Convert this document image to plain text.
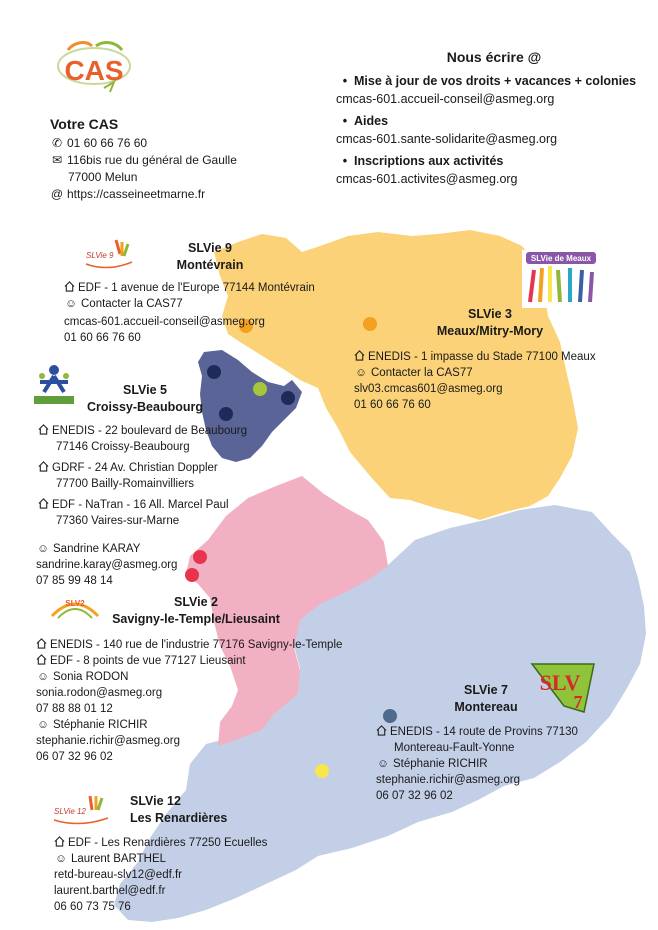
CAS
Votre CAS
✆ 01 60 66 76 60
✉ 116bis rue du général de Gaulle
77000 Melun
@ https://casseineetmarne.fr
Nous écrire @
• Mise à jour de vos droits + vacances + colonies
cmcas-601.accueil-conseil@asmeg.org
• Aides
cmcas-601.sante-solidarite@asmeg.org
• Inscriptions aux activités
cmcas-601.activites@asmeg.org
SLVie 9
SLVie 9
Montévrain
EDF - 1 avenue de l'Europe 77144 Montévrain
☺ Contacter la CAS77
cmcas-601.accueil-conseil@asmeg.org
01 60 66 76 60
SLVie de Meaux
SLVie 3
Meaux/Mitry-Mory
ENEDIS - 1 impasse du Stade 77100 Meaux
☺ Contacter la CAS77
slv03.cmcas601@asmeg.org
01 60 66 76 60
SLVie 5
Croissy-Beaubourg
ENEDIS - 22 boulevard de Beaubourg
77146 Croissy-Beaubourg
GDRF - 24 Av. Christian Doppler
77700 Bailly-Romainvilliers
EDF - NaTran - 16 All. Marcel Paul
77360 Vaires-sur-Marne
☺ Sandrine KARAY
sandrine.karay@asmeg.org
07 85 99 48 14
SLV2	SLVie 2
Savigny-le-Temple/Lieusaint
ENEDIS - 140 rue de l'industrie 77176 Savigny-le-Temple
EDF - 8 points de vue 77127 Lieusaint
☺ Sonia RODON
sonia.rodon@asmeg.org
07 88 88 01 12
☺ Stéphanie RICHIR
stephanie.richir@asmeg.org
06 07 32 96 02
SLV
7
SLVie 7
Montereau
ENEDIS - 14 route de Provins 77130
Montereau-Fault-Yonne
☺ Stéphanie RICHIR
stephanie.richir@asmeg.org
06 07 32 96 02
SLVie 12
SLVie 12
Les Renardières
EDF - Les Renardières 77250 Ecuelles
☺ Laurent BARTHEL
retd-bureau-slv12@edf.fr
laurent.barthel@edf.fr
06 60 73 75 76
